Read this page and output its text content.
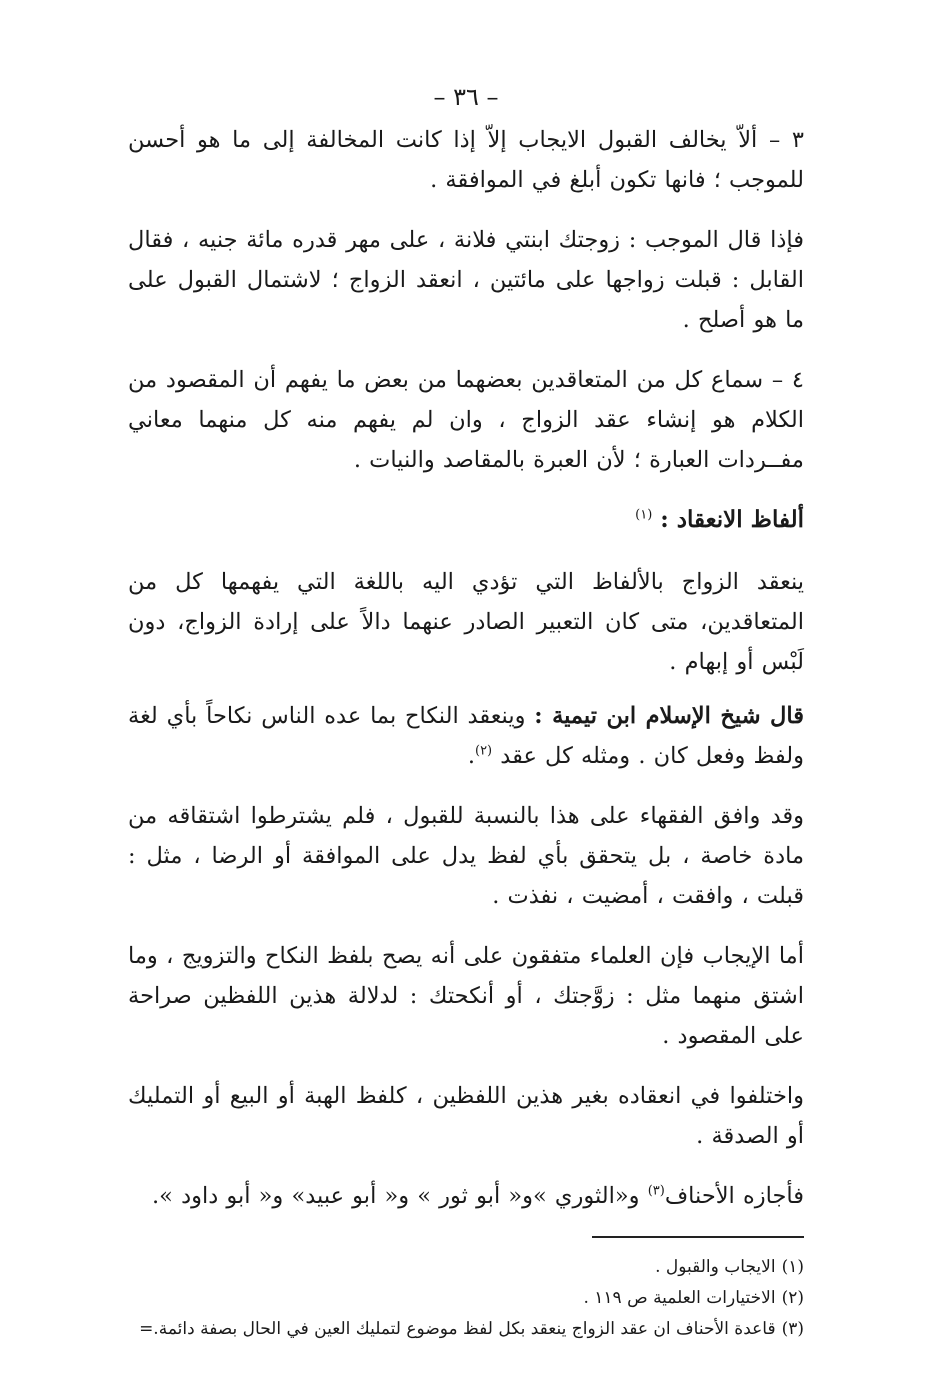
– ٣٦ –

٣ – ألاّ يخالف القبول الايجاب إلاّ إذا كانت المخالفة إلى ما هو أحسن للموجب ؛ فانها تكون أبلغ في الموافقة .

فإذا قال الموجب : زوجتك ابنتي فلانة ، على مهر قدره مائة جنيه ، فقال القابل : قبلت زواجها على مائتين ، انعقد الزواج ؛ لاشتمال القبول على ما هو أصلح .

٤ – سماع كل من المتعاقدين بعضهما من بعض ما يفهم أن المقصود من الكلام هو إنشاء عقد الزواج ، وان لم يفهم منه كل منهما معاني مفــردات العبارة ؛ لأن العبرة بالمقاصد والنيات .

ألفاظ الانعقاد : $^{(١)}$

ينعقد الزواج بالألفاظ التي تؤدي اليه باللغة التي يفهمها كل من المتعاقدين، متى كان التعبير الصادر عنهما دالاً على إرادة الزواج، دون لَبْس أو إبهام .

قال شيخ الإسلام ابن تيمية : وينعقد النكاح بما عده الناس نكاحاً بأي لغة ولفظ وفعل كان . ومثله كل عقد $^{(٢)}$.

وقد وافق الفقهاء على هذا بالنسبة للقبول ، فلم يشترطوا اشتقاقه من مادة خاصة ، بل يتحقق بأي لفظ يدل على الموافقة أو الرضا ، مثل : قبلت ، وافقت ، أمضيت ، نفذت .

أما الإيجاب فإن العلماء متفقون على أنه يصح بلفظ النكاح والتزويج ، وما اشتق منهما مثل : زوَّجتك ، أو أنكحتك : لدلالة هذين اللفظين صراحة على المقصود .

واختلفوا في انعقاده بغير هذين اللفظين ، كلفظ الهبة أو البيع أو التمليك أو الصدقة .

فأجازه الأحناف$^{(٣)}$ و«الثوري »و« أبو ثور » و« أبو عبيد» و« أبو داود ».

(١)
الايجاب والقبول .
(٢)
الاختيارات العلمية ص ١١٩ .
(٣)
قاعدة الأحناف ان عقد الزواج ينعقد بكل لفظ موضوع لتمليك العين في الحال بصفة دائمة.=
